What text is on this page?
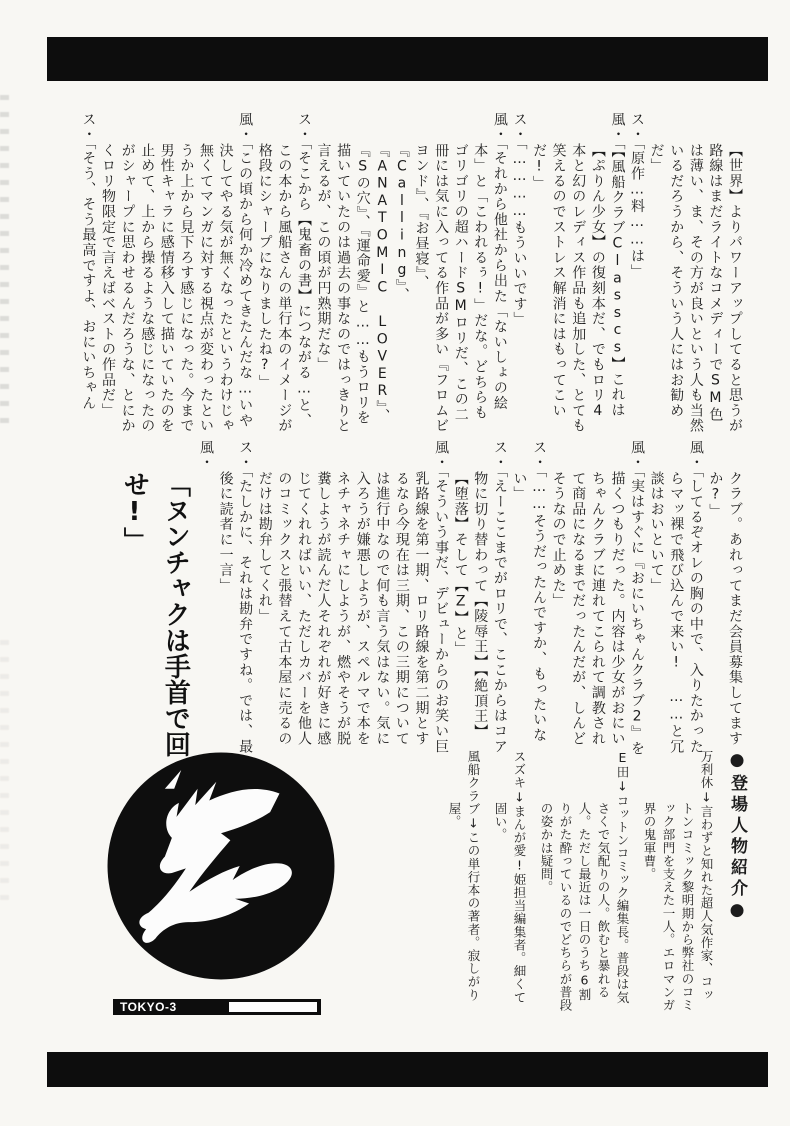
【世界】よりパワーアップしてると思うが路線はまだライトなコメディーでSM色は薄い、ま、その方が良いという人も当然いるだろうから、そういう人にはお勧めだ」

ス・「原作…料……は」

風・「【風船クラブClasscs】これは【ぷりん少女】の復刻本だ、でもロリ4本と幻のレディス作品も追加した、とても笑えるのでストレス解消にはもってこいだ!」

ス・「…………もういいです」

風・「それから他社から出た「ないしょの絵本」と「こわれるぅ!」だな。どちらもゴリゴリの超ハードSMロリだ、この二冊には気に入ってる作品が多い『フロムビヨンド』、『お昼寝』、『Calling』、『ANATOMIC LOVER』、『Sの穴』、『運命愛』と……もうロリを描いていたのは過去の事なのではっきりと言えるが、この頃が円熟期だな」

ス・「そこから【鬼畜の書】につながる…と、この本から風船さんの単行本のイメージが格段にシャープになりましたね?」

風・「この頃から何か冷めてきたんだな…いや決してやる気が無くなったというわけじゃ無くてマンガに対する視点が変わったというか上から見下ろす感じになった。今まで男性キャラに感情移入して描いていたのを止めて、上から操るような感じになったのがシャープに思わせるんだろうな、とにかくロリ物限定で言えばベストの作品だ」

ス・「そう、そう最高ですよ、おにいちゃん

クラブ。あれってまだ会員募集してますか?」

風・「してるぞオレの胸の中で、入りたかったらマッ裸で飛び込んで来い! ……と冗談はおいといて」

風・「実はすぐに『おにいちゃんクラブ2』を描くつもりだった。内容は少女がおにいちゃんクラブに連れてこられて調教されて商品になるまでだったんだが、しんどそうなので止めた」

ス・「……そうだったんですか、もったいない」

ス・「えーここまでがロリで、ここからはコア物に切り替わって【陵辱王】【絶頂王】【堕落】そして【Z】と」

風・「そういう事だ、デビューからのお笑い巨乳路線を第一期、ロリ路線を第二期とするなら今現在は三期、この三期については進行中なので何も言う気はない。気に入ろうが嫌悪しようが、スペルマで本をネチャネチャにしようが、燃やそうが脱糞しようが読んだ人それぞれが好きに感じてくれればいい、ただしカバーを他人のコミックスと張替えて古本屋に売るのだけは勘弁してくれ」

ス・「たしかに、それは勘弁ですね。では、最後に読者に一言」

風・
「ヌンチャクは手首で回せ!」

●登場人物紹介●

万利休↓言わずと知れた超人気作家、コットンコミック黎明期から弊社のコミック部門を支えた一人。エロマンガ界の鬼軍曹。

E田↓コットンコミック編集長。普段は気さくで気配りの人。飲むと暴れる人。ただし最近は一日のうち6割りがた酔っているのでどちらが普段の姿かは疑問。

スズキ↓まんが愛!姫担当編集者。細くて固い。

風船クラブ↓この単行本の著者。寂しがり屋。

TOKYO-3
